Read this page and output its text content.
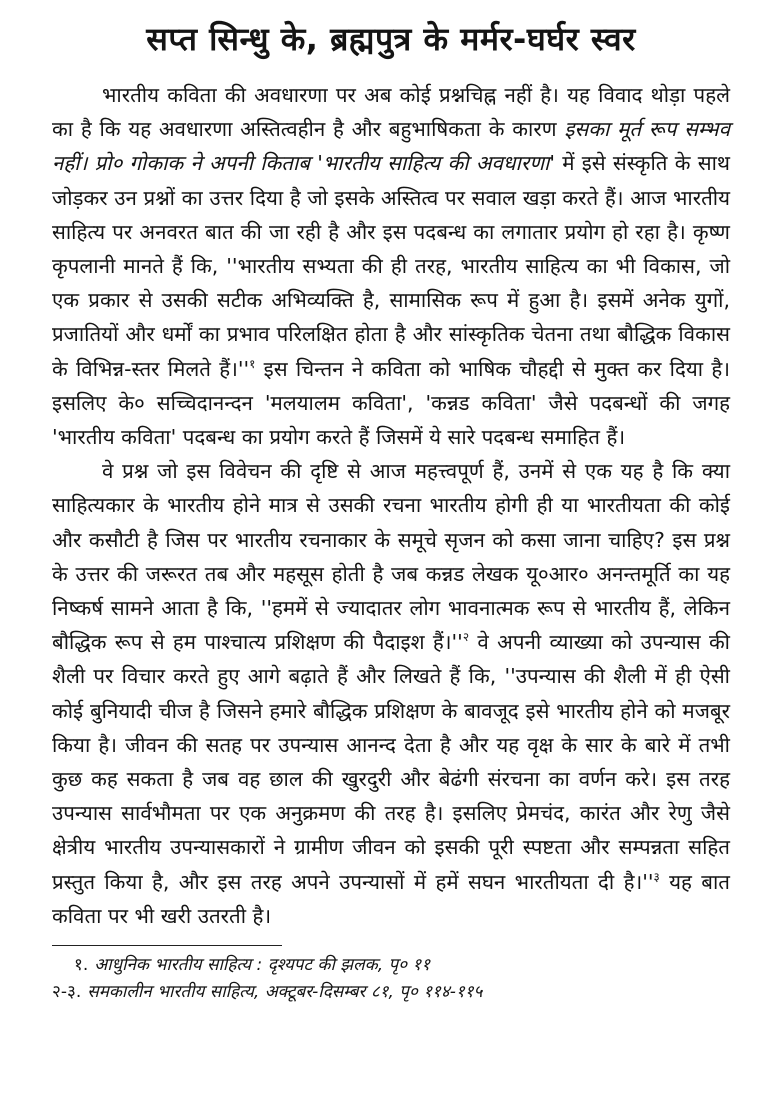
सप्त सिन्धु के, ब्रह्मपुत्र के मर्मर-घर्घर स्वर

भारतीय कविता की अवधारणा पर अब कोई प्रश्नचिह्न नहीं है। यह विवाद थोड़ा पहले का है कि यह अवधारणा अस्तित्वहीन है और बहुभाषिकता के कारण इसका मूर्त रूप सम्भव नहीं। प्रो० गोकाक ने अपनी किताब 'भारतीय साहित्य की अवधारणा' में इसे संस्कृति के साथ जोड़कर उन प्रश्नों का उत्तर दिया है जो इसके अस्तित्व पर सवाल खड़ा करते हैं। आज भारतीय साहित्य पर अनवरत बात की जा रही है और इस पदबन्ध का लगातार प्रयोग हो रहा है। कृष्ण कृपलानी मानते हैं कि, ''भारतीय सभ्यता की ही तरह, भारतीय साहित्य का भी विकास, जो एक प्रकार से उसकी सटीक अभिव्यक्ति है, सामासिक रूप में हुआ है। इसमें अनेक युगों, प्रजातियों और धर्मों का प्रभाव परिलक्षित होता है और सांस्कृतिक चेतना तथा बौद्धिक विकास के विभिन्न-स्तर मिलते $हैं।''^१$ इस चिन्तन ने कविता को भाषिक चौहद्दी से मुक्त कर दिया है। इसलिए के० सच्चिदानन्दन 'मलयालम कविता', 'कन्नड कविता' जैसे पदबन्धों की जगह 'भारतीय कविता' पदबन्ध का प्रयोग करते हैं जिसमें ये सारे पदबन्ध समाहित हैं।

वे प्रश्न जो इस विवेचन की दृष्टि से आज महत्त्वपूर्ण हैं, उनमें से एक यह है कि क्या साहित्यकार के भारतीय होने मात्र से उसकी रचना भारतीय होगी ही या भारतीयता की कोई और कसौटी है जिस पर भारतीय रचनाकार के समूचे सृजन को कसा जाना चाहिए? इस प्रश्न के उत्तर की जरूरत तब और महसूस होती है जब कन्नड लेखक यू०आर० अनन्तमूर्ति का यह निष्कर्ष सामने आता है कि, ''हममें से ज्यादातर लोग भावनात्मक रूप से भारतीय हैं, लेकिन बौद्धिक रूप से हम पाश्चात्य प्रशिक्षण की पैदाइश $हैं।''^२$ वे अपनी व्याख्या को उपन्यास की शैली पर विचार करते हुए आगे बढ़ाते हैं और लिखते हैं कि, ''उपन्यास की शैली में ही ऐसी कोई बुनियादी चीज है जिसने हमारे बौद्धिक प्रशिक्षण के बावजूद इसे भारतीय होने को मजबूर किया है। जीवन की सतह पर उपन्यास आनन्द देता है और यह वृक्ष के सार के बारे में तभी कुछ कह सकता है जब वह छाल की खुरदुरी और बेढंगी संरचना का वर्णन करे। इस तरह उपन्यास सार्वभौमता पर एक अनुक्रमण की तरह है। इसलिए प्रेमचंद, कारंत और रेणु जैसे क्षेत्रीय भारतीय उपन्यासकारों ने ग्रामीण जीवन को इसकी पूरी स्पष्टता और सम्पन्नता सहित प्रस्तुत किया है, और इस तरह अपने उपन्यासों में हमें सघन भारतीयता दी $है।''^३$ यह बात कविता पर भी खरी उतरती है।

१. आधुनिक भारतीय साहित्य : दृश्यपट की झलक, पृ० ११
२-३. समकालीन भारतीय साहित्य, अक्टूबर-दिसम्बर ८१, पृ० ११४-११५
